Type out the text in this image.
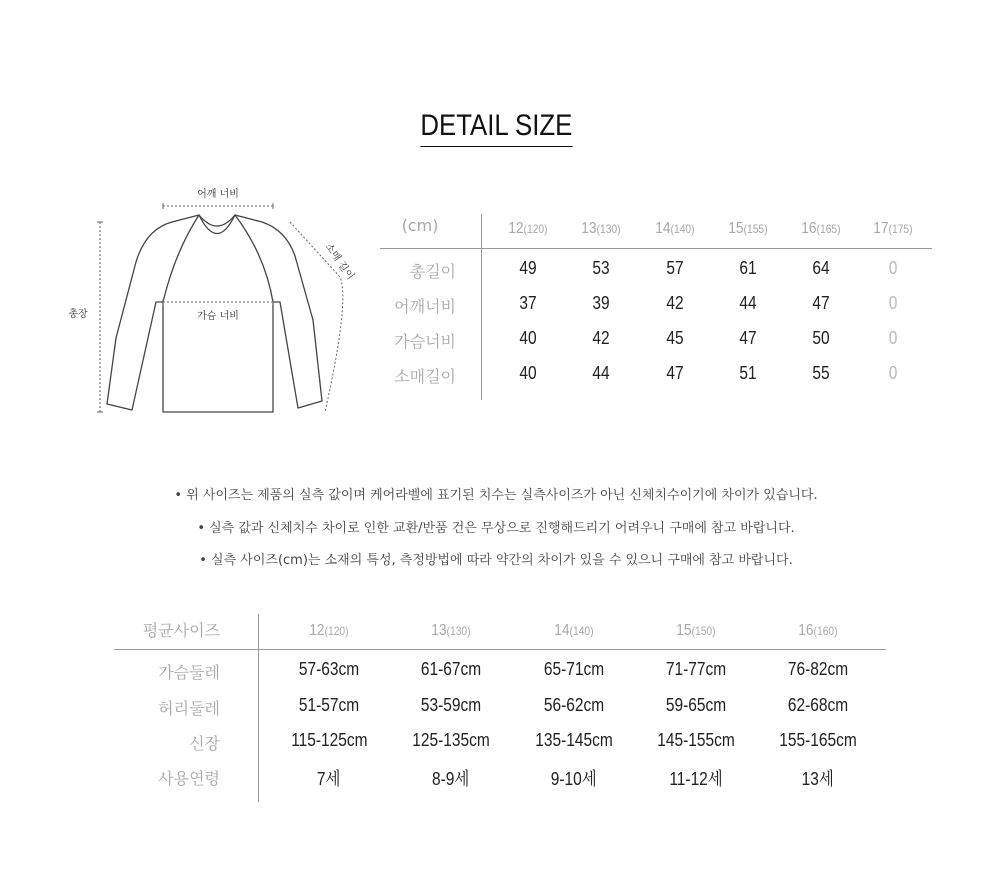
DETAIL SIZE
어깨 너비
가슴 너비
총장
소매 길이
(cm)	12(120)	13(130)	14(140)	15(155)	16(165)	17(175)
총길이	49	53	57	61	64	0
어깨너비	37	39	42	44	47	0
가슴너비	40	42	45	47	50	0
소매길이	40	44	47	51	55	0
• 위 사이즈는 제품의 실측 값이며 케어라벨에 표기된 치수는 실측사이즈가 아닌 신체치수이기에 차이가 있습니다.
• 실측 값과 신체치수 차이로 인한 교환/반품 건은 무상으로 진행해드리기 어려우니 구매에 참고 바랍니다.
• 실측 사이즈(cm)는 소재의 특성, 측정방법에 따라 약간의 차이가 있을 수 있으니 구매에 참고 바랍니다.
평균사이즈	12(120)	13(130)	14(140)	15(150)	16(160)
가슴둘레	57-63cm	61-67cm	65-71cm	71-77cm	76-82cm
허리둘레	51-57cm	53-59cm	56-62cm	59-65cm	62-68cm
신장	115-125cm	125-135cm	135-145cm	145-155cm	155-165cm
사용연령	7세	8-9세	9-10세	11-12세	13세
